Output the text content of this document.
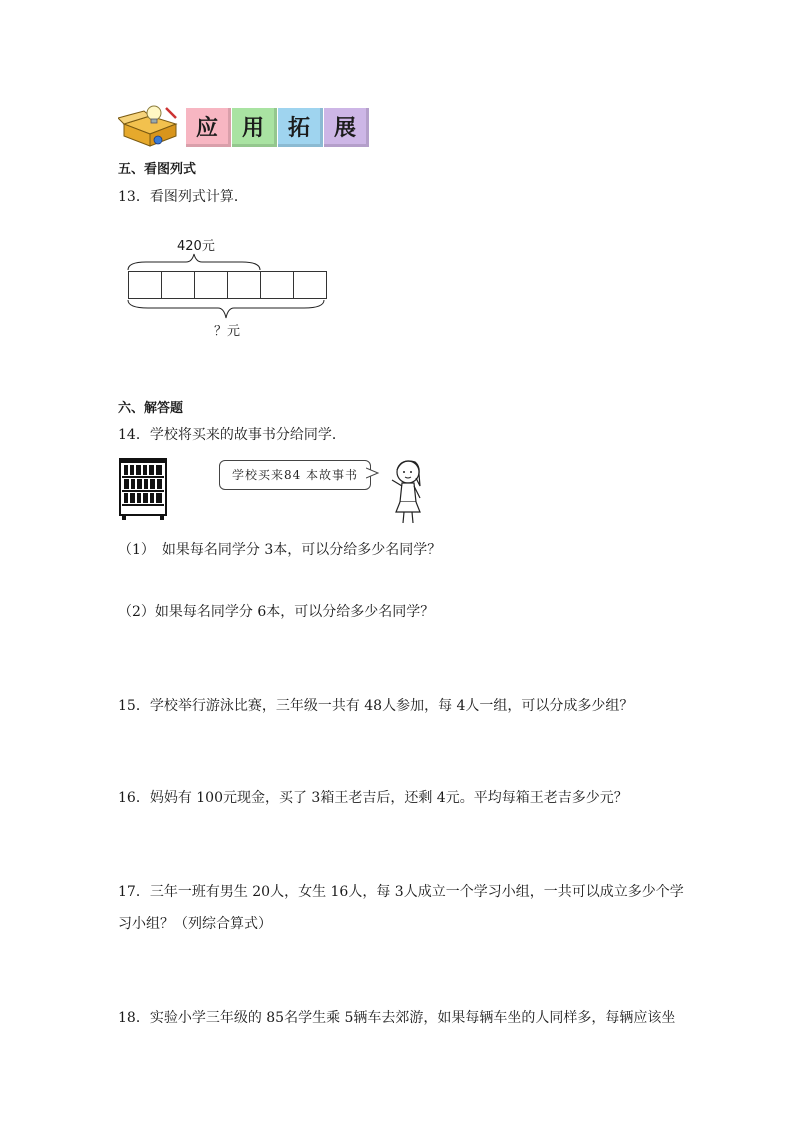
应 用 拓 展
五、看图列式
13．看图列式计算．
420元
？元
六、解答题
14．学校将买来的故事书分给同学．
学校买来84 本故事书
（1）　如果每名同学分 3本，可以分给多少名同学？
（2）如果每名同学分 6本，可以分给多少名同学？
15．学校举行游泳比赛，三年级一共有 48人参加，每 4人一组，可以分成多少组？
16．妈妈有 100元现金，买了 3箱王老吉后，还剩 4元。平均每箱王老吉多少元？
17．三年一班有男生 20人，女生 16人，每 3人成立一个学习小组，一共可以成立多少个学
习小组？（列综合算式）
18．实验小学三年级的 85名学生乘 5辆车去郊游，如果每辆车坐的人同样多，每辆应该坐
